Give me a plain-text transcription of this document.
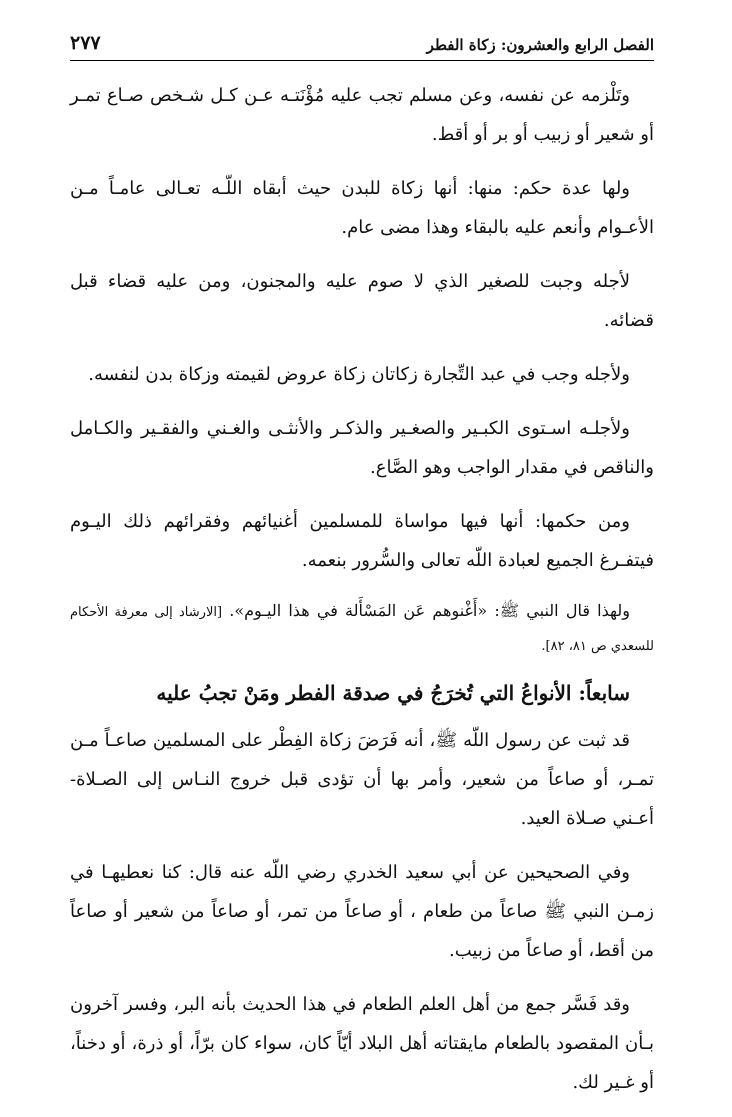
الفصل الرابع والعشرون: زكاة الفطر
٢٧٧

وتَلْزمه عن نفسه، وعن مسلم تجب عليه مُؤْنَتـه عـن كـل شـخص صـاع تمـر أو شعير أو زبيب أو بر أو أقط.

ولها عدة حكم: منها: أنها زكاة للبدن حيث أبقاه اللّـه تعـالى عامـاً مـن الأعـوام وأنعم عليه بالبقاء وهذا مضى عام.

لأجله وجبت للصغير الذي لا صوم عليه والمجنون، ومن عليه قضاء قبل قضائه.

ولأجله وجب في عبد التِّجارة زكاتان زكاة عروض لقيمته وزكاة بدن لنفسه.

ولأجلـه اسـتوى الكبـير والصغـير والذكـر والأنثـى والغـني والفقـير والكـامل والناقص في مقدار الواجب وهو الصَّاع.

ومن حكمها: أنها فيها مواساة للمسلمين أغنيائهم وفقرائهم ذلك اليـوم فيتفـرغ الجميع لعبادة اللّه تعالى والسُّرور بنعمه.

ولهذا قال النبي ﷺ: «أَغْنوهم عَن المَسْأَلة في هذا اليـوم». [الارشاد إلى معرفة الأحكام للسعدي ص ٨١، ٨٢].

سابعاً: الأنواعُ التي تُخرَجُ في صدقة الفطر ومَنْ تجبُ عليه

قد ثبت عن رسول اللّه ﷺ، أنه فَرَضَ زكاة الفِطْر على المسلمين صاعـاً مـن تمـر، أو صاعاً من شعير، وأمر بها أن تؤدى قبل خروج النـاس إلى الصـلاة- أعـني صـلاة العيد.

وفي الصحيحين عن أبي سعيد الخدري رضي اللّه عنه قال: كنا نعطيهـا في زمـن النبي ﷺ صاعاً من طعام ، أو صاعاً من تمر، أو صاعاً من شعير أو صاعاً من أقط، أو صاعاً من زبيب.

وقد فَسَّر جمع من أهل العلم الطعام في هذا الحديث بأنه البر، وفسر آخرون بـأن المقصود بالطعام مايقتاته أهل البلاد أيّاً كان، سواء كان برّاً، أو ذرة، أو دخناً، أو غـير لك.
